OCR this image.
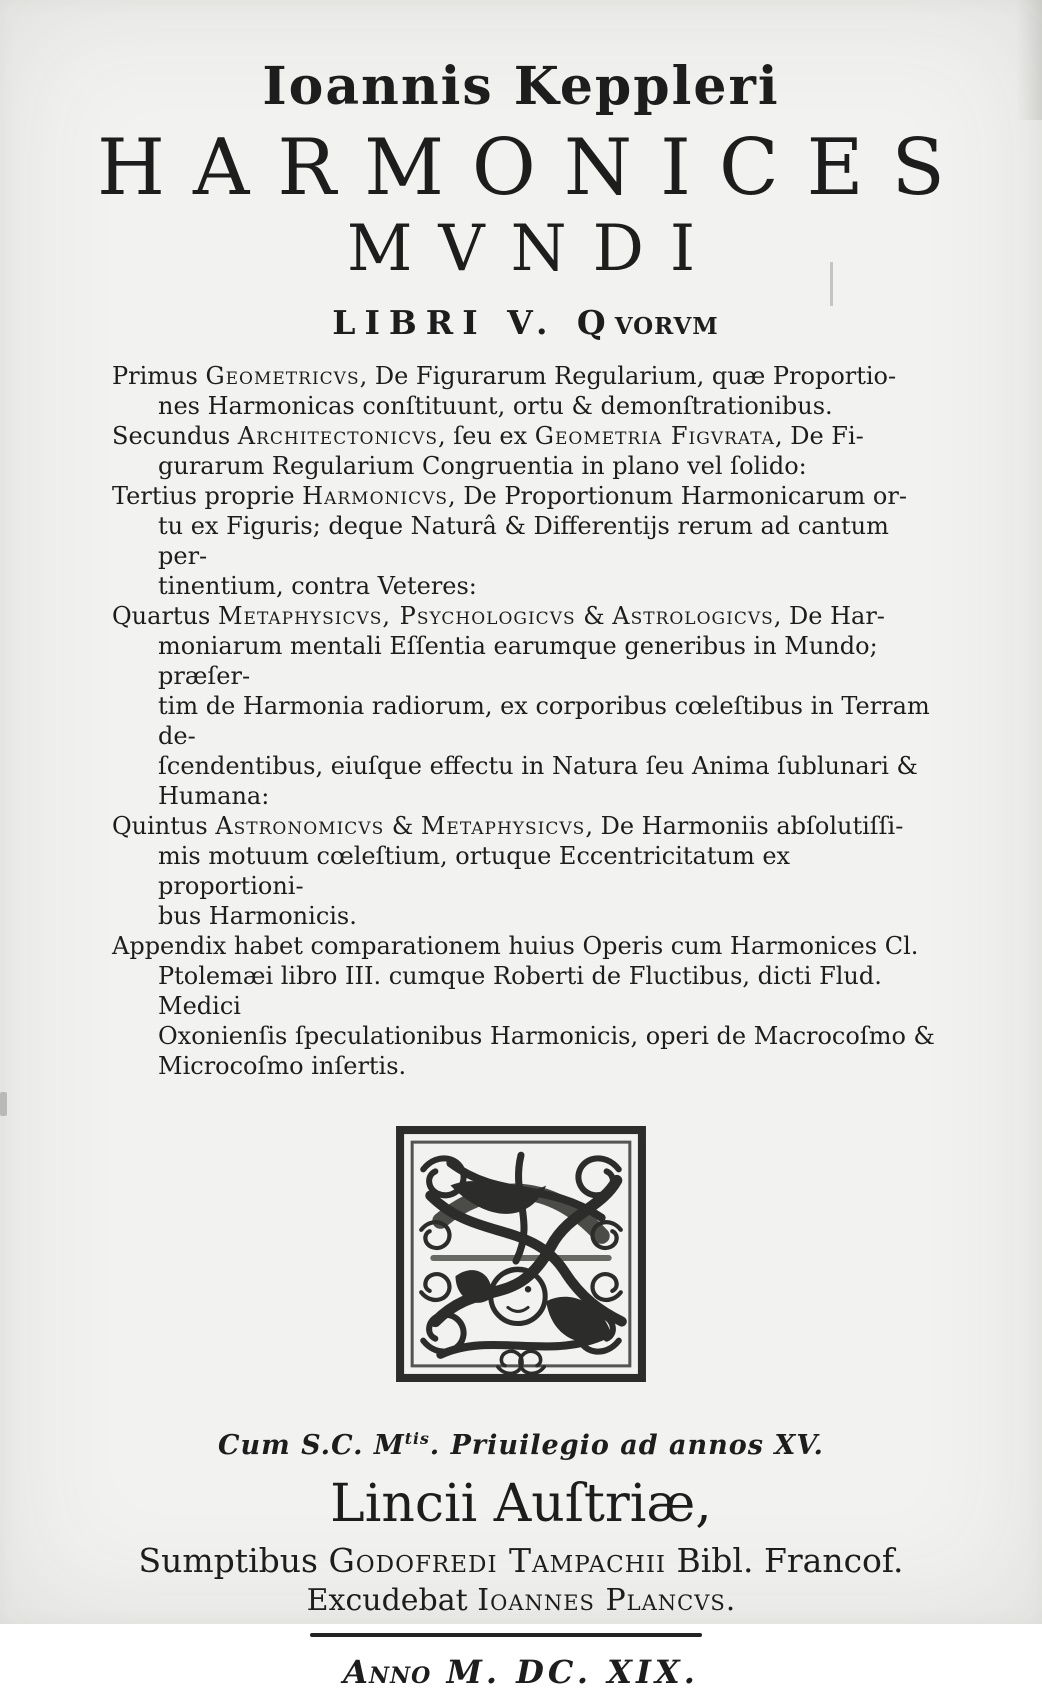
Ioannis Keppleri
HARMONICES
MVNDI
LIBRI V. Qvorvm

Primus Geometricvs, De Figurarum Regularium, quæ Proportio-
nes Harmonicas conſtituunt, ortu & demonſtrationibus.

Secundus Architectonicvs, ſeu ex Geometria Figvrata, De Fi-
gurarum Regularium Congruentia in plano vel ſolido:

Tertius proprie Harmonicvs, De Proportionum Harmonicarum or-
tu ex Figuris; deque Naturâ & Differentijs rerum ad cantum per-
tinentium, contra Veteres:

Quartus Metaphysicvs, Psychologicvs & Astrologicvs, De Har-
moniarum mentali Eſſentia earumque generibus in Mundo; præſer-
tim de Harmonia radiorum, ex corporibus cœleſtibus in Terram de-
ſcendentibus, eiuſque effectu in Natura ſeu Anima ſublunari &
Humana:

Quintus Astronomicvs & Metaphysicvs, De Harmoniis abſolutiſſi-
mis motuum cœleſtium, ortuque Eccentricitatum ex proportioni-
bus Harmonicis.

Appendix habet comparationem huius Operis cum Harmonices Cl.
Ptolemæi libro III. cumque Roberti de Fluctibus, dicti Flud. Medici
Oxonienſis ſpeculationibus Harmonicis, operi de Macrocoſmo &
Microcoſmo inſertis.

Cum S.C. $M^{tis}$. Priuilegio ad annos XV.

Lincii Auſtriæ,

Sumptibus Godofredi Tampachii Bibl. Francof.

Excudebat Ioannes Plancvs.

Anno M. DC. XIX.
